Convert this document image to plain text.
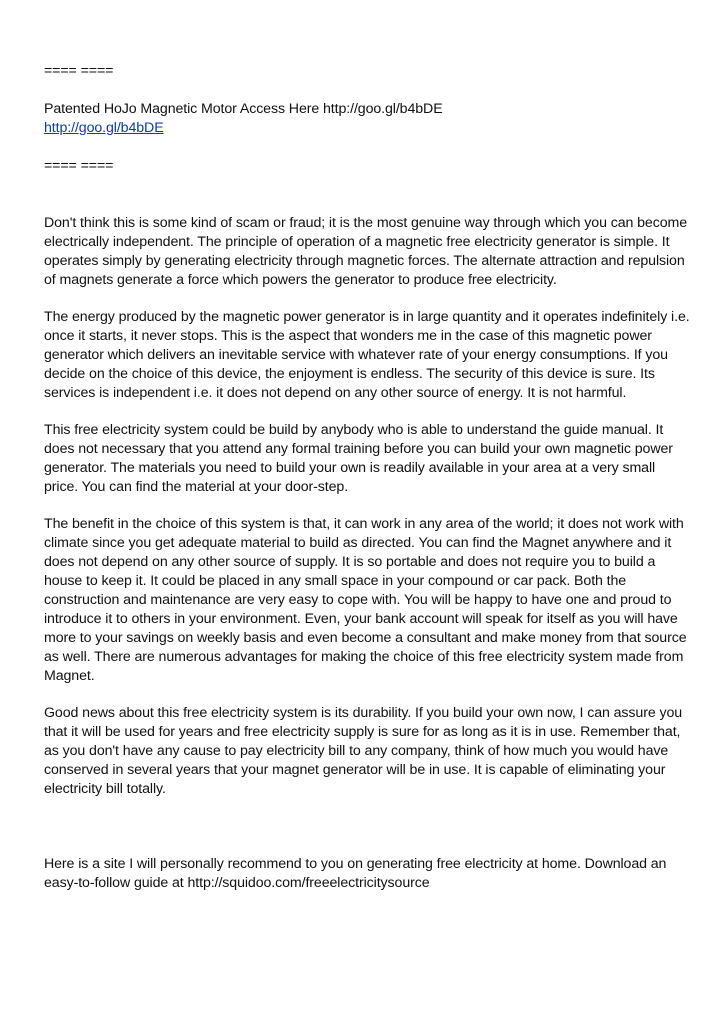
==== ====
Patented HoJo Magnetic Motor Access Here http://goo.gl/b4bDE
http://goo.gl/b4bDE
==== ====

Don't think this is some kind of scam or fraud; it is the most genuine way through which you can become electrically independent. The principle of operation of a magnetic free electricity generator is simple. It operates simply by generating electricity through magnetic forces. The alternate attraction and repulsion of magnets generate a force which powers the generator to produce free electricity.

The energy produced by the magnetic power generator is in large quantity and it operates indefinitely i.e. once it starts, it never stops. This is the aspect that wonders me in the case of this magnetic power generator which delivers an inevitable service with whatever rate of your energy consumptions. If you decide on the choice of this device, the enjoyment is endless. The security of this device is sure. Its services is independent i.e. it does not depend on any other source of energy. It is not harmful.

This free electricity system could be build by anybody who is able to understand the guide manual. It does not necessary that you attend any formal training before you can build your own magnetic power generator. The materials you need to build your own is readily available in your area at a very small price. You can find the material at your door-step.

The benefit in the choice of this system is that, it can work in any area of the world; it does not work with climate since you get adequate material to build as directed. You can find the Magnet anywhere and it does not depend on any other source of supply. It is so portable and does not require you to build a house to keep it. It could be placed in any small space in your compound or car pack. Both the construction and maintenance are very easy to cope with. You will be happy to have one and proud to introduce it to others in your environment. Even, your bank account will speak for itself as you will have more to your savings on weekly basis and even become a consultant and make money from that source as well. There are numerous advantages for making the choice of this free electricity system made from Magnet.

Good news about this free electricity system is its durability. If you build your own now, I can assure you that it will be used for years and free electricity supply is sure for as long as it is in use. Remember that, as you don't have any cause to pay electricity bill to any company, think of how much you would have conserved in several years that your magnet generator will be in use. It is capable of eliminating your electricity bill totally.

Here is a site I will personally recommend to you on generating free electricity at home. Download an easy-to-follow guide at http://squidoo.com/freeelectricitysource
